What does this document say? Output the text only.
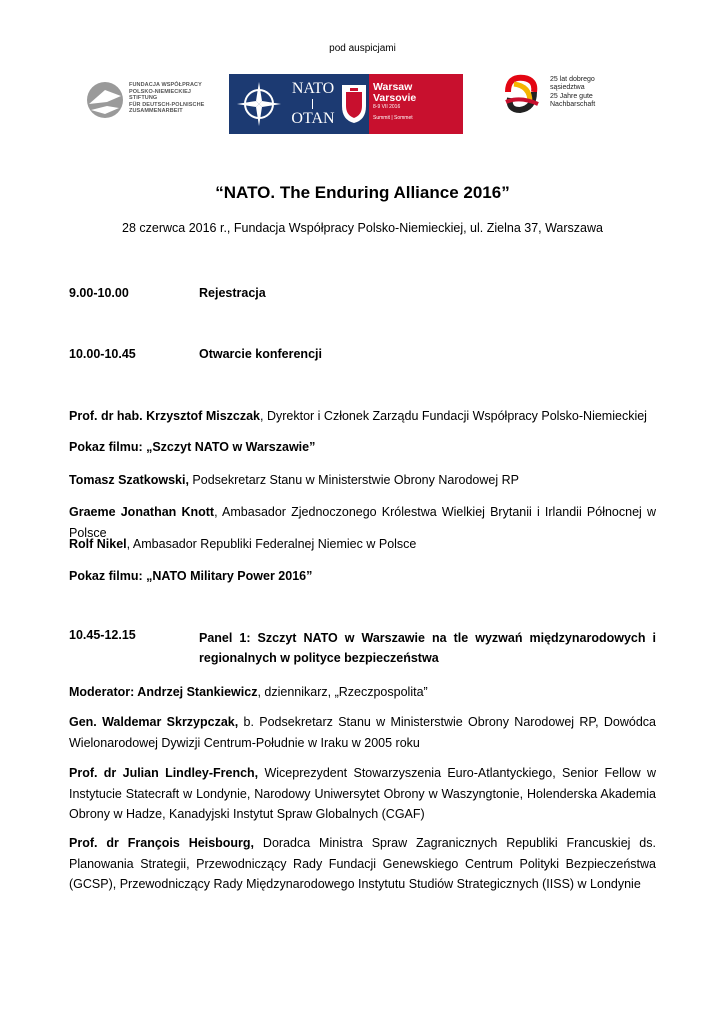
pod auspicjami
FUNDACJA WSPÓŁPRACY
POLSKO-NIEMIECKIEJ
STIFTUNG
FÜR DEUTSCH-POLNISCHE
ZUSAMMENARBEIT
NATO
OTAN
Warsaw
Varsovie
8-9 VII 2016
Summit | Sommet
25 lat dobrego
sąsiedztwa
25 Jahre gute
Nachbarschaft
“NATO. The Enduring Alliance 2016”
28 czerwca 2016 r., Fundacja Współpracy Polsko-Niemieckiej, ul. Zielna 37, Warszawa
9.00-10.00	Rejestracja
10.00-10.45	Otwarcie konferencji
Prof. dr hab. Krzysztof Miszczak, Dyrektor i Członek Zarządu Fundacji Współpracy Polsko-Niemieckiej
Pokaz filmu: „Szczyt NATO w Warszawie”
Tomasz Szatkowski, Podsekretarz Stanu w Ministerstwie Obrony Narodowej RP
Graeme Jonathan Knott, Ambasador Zjednoczonego Królestwa Wielkiej Brytanii i Irlandii Północnej w Polsce
Rolf Nikel, Ambasador Republiki Federalnej Niemiec w Polsce
Pokaz filmu: „NATO Military Power 2016”
10.45-12.15	Panel 1: Szczyt NATO w Warszawie na tle wyzwań międzynarodowych i regionalnych w polityce bezpieczeństwa
Moderator: Andrzej Stankiewicz, dziennikarz, „Rzeczpospolita”
Gen. Waldemar Skrzypczak, b. Podsekretarz Stanu w Ministerstwie Obrony Narodowej RP, Dowódca Wielonarodowej Dywizji Centrum-Południe w Iraku w 2005 roku
Prof. dr Julian Lindley-French, Wiceprezydent Stowarzyszenia Euro-Atlantyckiego, Senior Fellow w Instytucie Statecraft w Londynie, Narodowy Uniwersytet Obrony w Waszyngtonie, Holenderska Akademia Obrony w Hadze, Kanadyjski Instytut Spraw Globalnych (CGAF)
Prof. dr François Heisbourg, Doradca Ministra Spraw Zagranicznych Republiki Francuskiej ds. Planowania Strategii, Przewodniczący Rady Fundacji Genewskiego Centrum Polityki Bezpieczeństwa (GCSP), Przewodniczący Rady Międzynarodowego Instytutu Studiów Strategicznych (IISS) w Londynie
